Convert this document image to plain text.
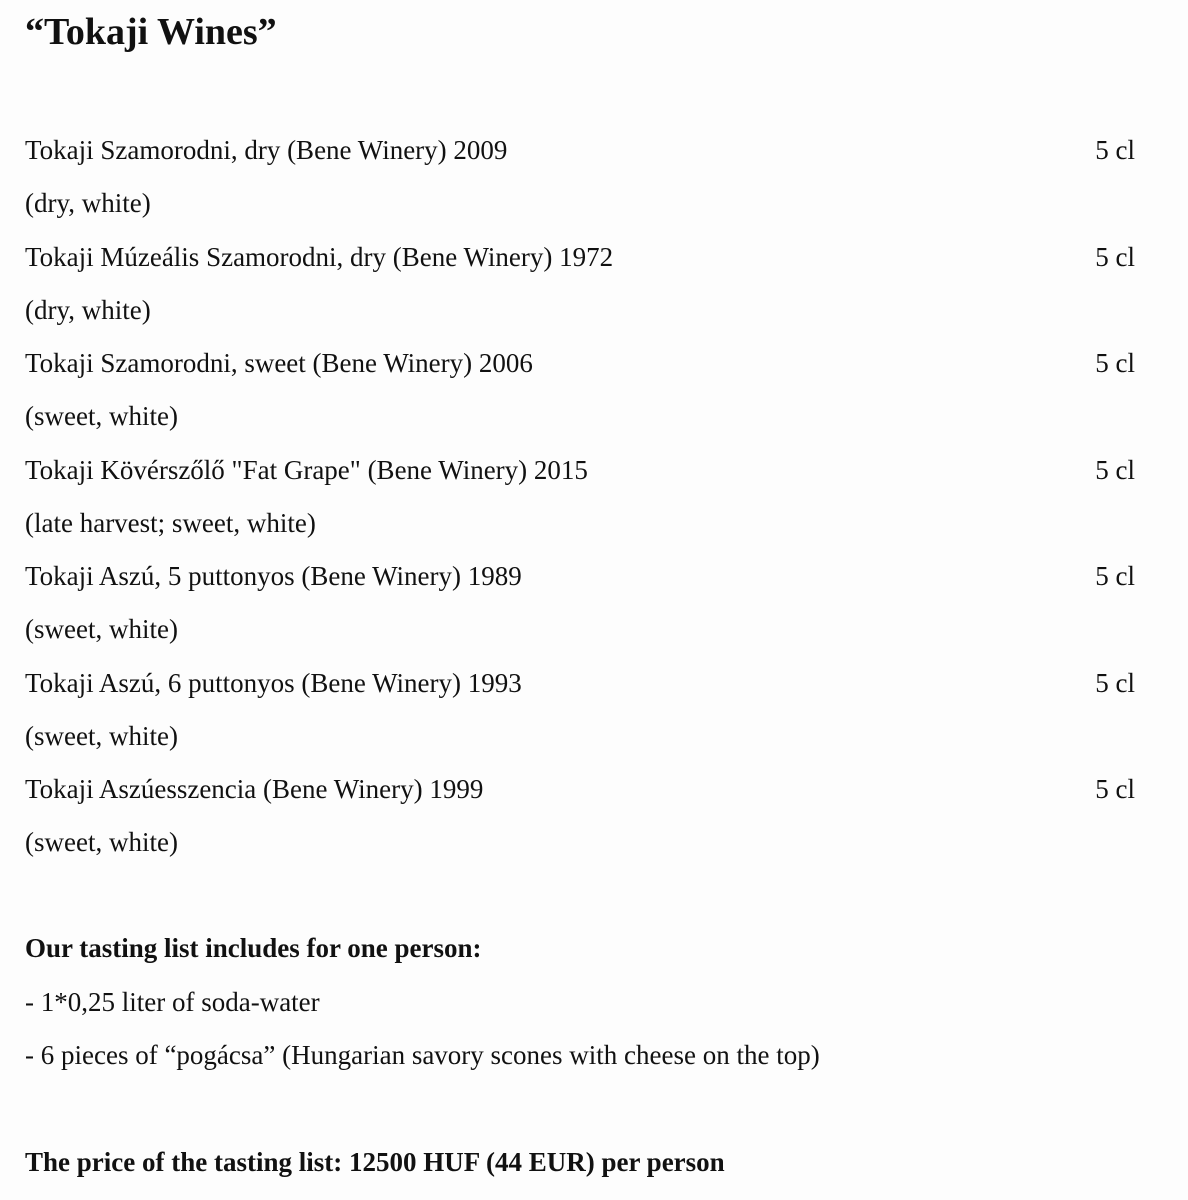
“Tokaji Wines”
Tokaji Szamorodni, dry (Bene Winery) 2009	5 cl
(dry, white)
Tokaji Múzeális Szamorodni, dry (Bene Winery) 1972	5 cl
(dry, white)
Tokaji Szamorodni, sweet (Bene Winery) 2006	5 cl
(sweet, white)
Tokaji Kövérszőlő "Fat Grape" (Bene Winery) 2015	5 cl
(late harvest; sweet, white)
Tokaji Aszú, 5 puttonyos (Bene Winery) 1989	5 cl
(sweet, white)
Tokaji Aszú, 6 puttonyos (Bene Winery) 1993	5 cl
(sweet, white)
Tokaji Aszúesszencia (Bene Winery) 1999	5 cl
(sweet, white)
Our tasting list includes for one person:
- 1*0,25 liter of soda-water
- 6 pieces of “pogácsa” (Hungarian savory scones with cheese on the top)
The price of the tasting list: 12500 HUF (44 EUR) per person
